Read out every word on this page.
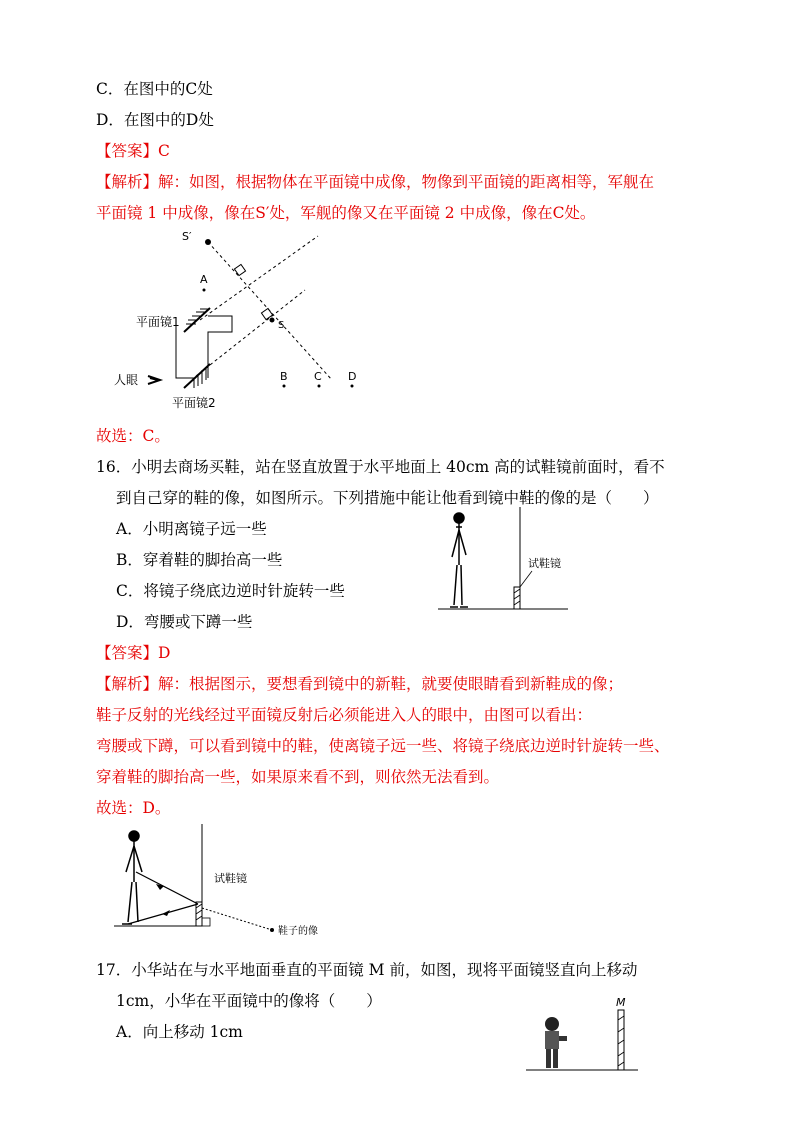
C．在图中的C处
D．在图中的D处
【答案】C
【解析】解：如图，根据物体在平面镜中成像，物像到平面镜的距离相等，军舰在
平面镜 1 中成像，像在S′处，军舰的像又在平面镜 2 中成像，像在C处。
S′
A
S
平面镜1
人眼
平面镜2
B C D
故选：C。
16．小明去商场买鞋，站在竖直放置于水平地面上 40cm 高的试鞋镜前面时，看不
到自己穿的鞋的像，如图所示。下列措施中能让他看到镜中鞋的像的是（　　）
A．小明离镜子远一些
B．穿着鞋的脚抬高一些
C．将镜子绕底边逆时针旋转一些
D．弯腰或下蹲一些
试鞋镜
【答案】D
【解析】解：根据图示，要想看到镜中的新鞋，就要使眼睛看到新鞋成的像；
鞋子反射的光线经过平面镜反射后必须能进入人的眼中，由图可以看出：
弯腰或下蹲，可以看到镜中的鞋，使离镜子远一些、将镜子绕底边逆时针旋转一些、
穿着鞋的脚抬高一些，如果原来看不到，则依然无法看到。
故选：D。
试鞋镜
鞋子的像
17．小华站在与水平地面垂直的平面镜 M 前，如图，现将平面镜竖直向上移动
1cm，小华在平面镜中的像将（　　）
A．向上移动 1cm
M
